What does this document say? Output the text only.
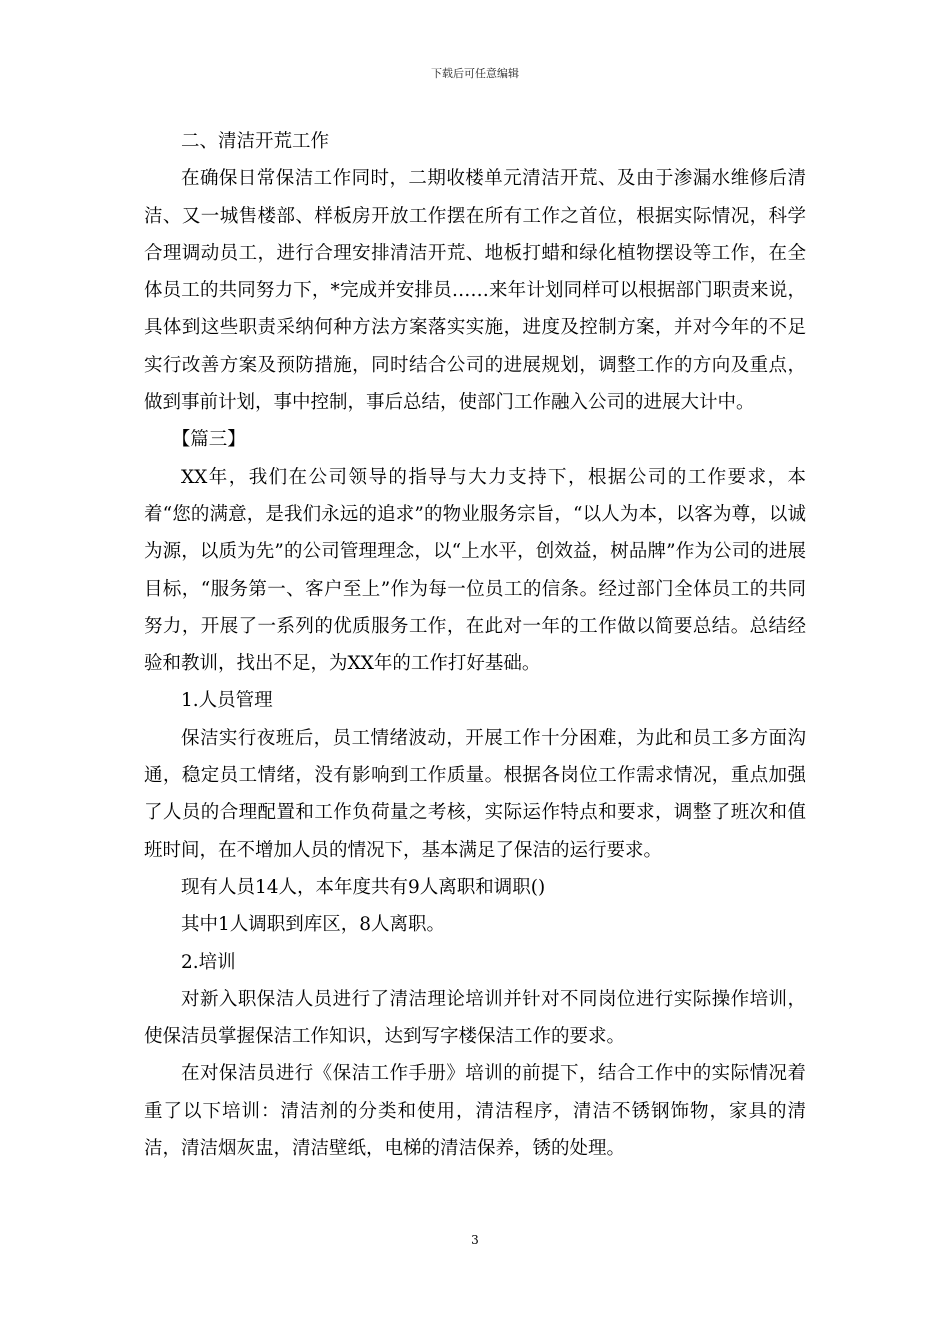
下载后可任意编辑

二、清洁开荒工作

在确保日常保洁工作同时，二期收楼单元清洁开荒、及由于渗漏水维修后清洁、又一城售楼部、样板房开放工作摆在所有工作之首位，根据实际情况，科学合理调动员工，进行合理安排清洁开荒、地板打蜡和绿化植物摆设等工作，在全体员工的共同努力下，*完成并安排员……来年计划同样可以根据部门职责来说，具体到这些职责采纳何种方法方案落实实施，进度及控制方案，并对今年的不足实行改善方案及预防措施，同时结合公司的进展规划，调整工作的方向及重点，做到事前计划，事中控制，事后总结，使部门工作融入公司的进展大计中。

【篇三】

XX年，我们在公司领导的指导与大力支持下，根据公司的工作要求，本着“您的满意，是我们永远的追求”的物业服务宗旨，“以人为本，以客为尊，以诚为源，以质为先”的公司管理理念，以“上水平，创效益，树品牌”作为公司的进展目标，“服务第一、客户至上”作为每一位员工的信条。经过部门全体员工的共同努力，开展了一系列的优质服务工作，在此对一年的工作做以简要总结。总结经验和教训，找出不足，为XX年的工作打好基础。

1.人员管理

保洁实行夜班后，员工情绪波动，开展工作十分困难，为此和员工多方面沟通，稳定员工情绪，没有影响到工作质量。根据各岗位工作需求情况，重点加强了人员的合理配置和工作负荷量之考核，实际运作特点和要求，调整了班次和值班时间，在不增加人员的情况下，基本满足了保洁的运行要求。

现有人员14人，本年度共有9人离职和调职()

其中1人调职到库区，8人离职。

2.培训

对新入职保洁人员进行了清洁理论培训并针对不同岗位进行实际操作培训，使保洁员掌握保洁工作知识，达到写字楼保洁工作的要求。

在对保洁员进行《保洁工作手册》培训的前提下，结合工作中的实际情况着重了以下培训：清洁剂的分类和使用，清洁程序，清洁不锈钢饰物，家具的清洁，清洁烟灰盅，清洁壁纸，电梯的清洁保养，锈的处理。

3
